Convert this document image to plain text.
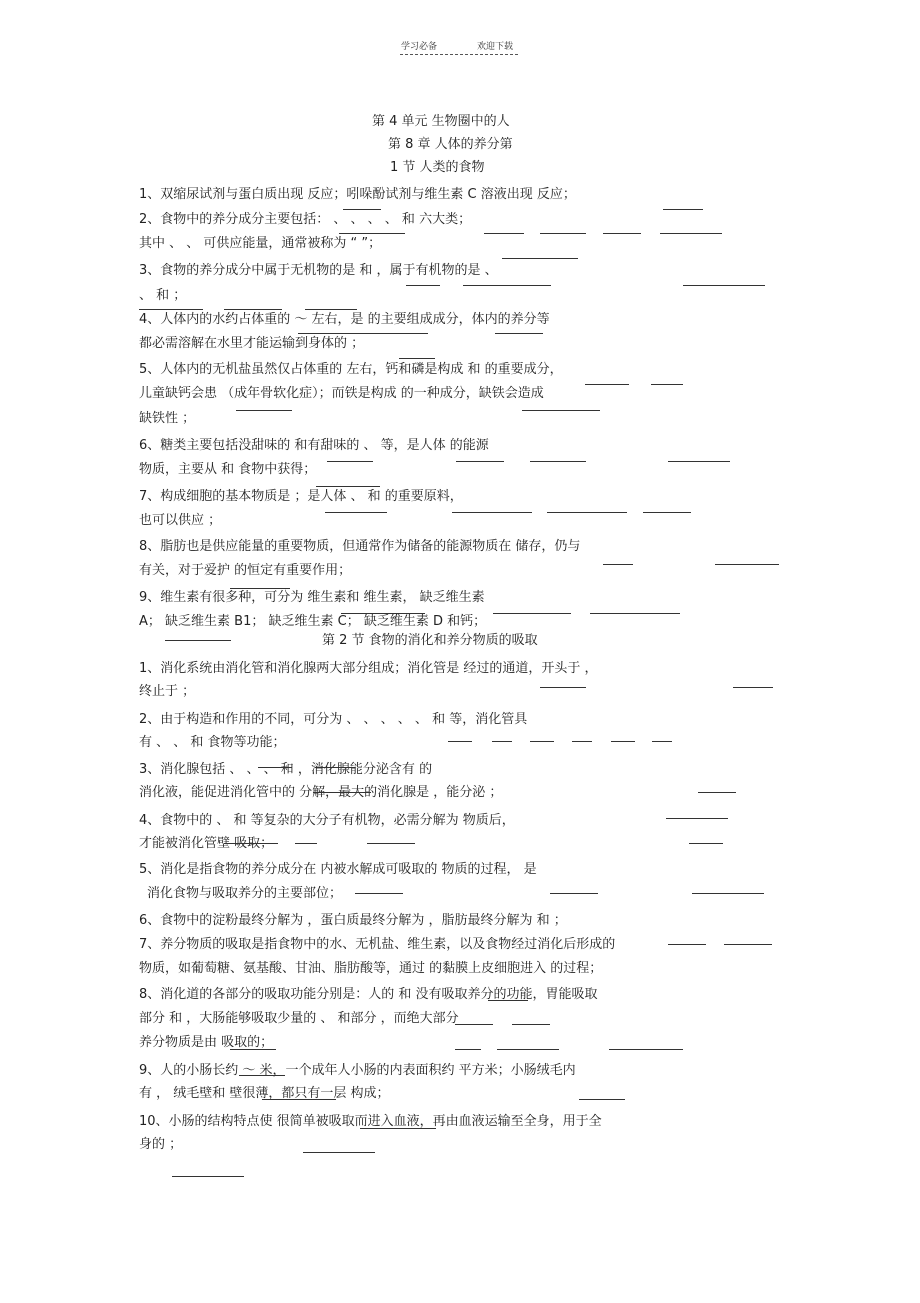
学习必备	欢迎下载
第 4 单元 生物圈中的人
第 8 章 人体的养分第
1 节 人类的食物
1、双缩尿试剂与蛋白质出现 反应；吲哚酚试剂与维生素 C 溶液出现 反应；
2、食物中的养分成分主要包括： 、 、 、 、 和 六大类；
其中 、 、 可供应能量，通常被称为 “ ”；
3、食物的养分成分中属于无机物的是 和 ，属于有机物的是 、
、 和 ；
4、人体内的水约占体重的 ～ 左右，是 的主要组成成分，体内的养分等
都必需溶解在水里才能运输到身体的 ；
5、人体内的无机盐虽然仅占体重的 左右，钙和磷是构成 和 的重要成分，
儿童缺钙会患 （成年骨软化症）；而铁是构成 的一种成分，缺铁会造成
缺铁性 ；
6、糖类主要包括没甜味的 和有甜味的 、 等，是人体 的能源
物质，主要从 和 食物中获得；
7、构成细胞的基本物质是 ；是人体 、 和 的重要原料，
也可以供应 ；
8、脂肪也是供应能量的重要物质，但通常作为储备的能源物质在 储存，仍与
有关，对于爱护 的恒定有重要作用；
9、维生素有很多种，可分为 维生素和 维生素， 缺乏维生素
A； 缺乏维生素 B1； 缺乏维生素 C； 缺乏维生素 D 和钙；
第 2 节 食物的消化和养分物质的吸取
1、消化系统由消化管和消化腺两大部分组成；消化管是 经过的通道，开头于 ，
终止于 ；
2、由于构造和作用的不同，可分为 、 、 、 、 、 和 等，消化管具
有 、 、 和 食物等功能；
3、消化腺包括 、 、 、 和 ，消化腺能分泌含有 的
消化液，能促进消化管中的 分解，最大的消化腺是 ，能分泌 ；
4、食物中的 、 和 等复杂的大分子有机物，必需分解为 物质后，
才能被消化管壁 吸取；
5、消化是指食物的养分成分在 内被水解成可吸取的 物质的过程， 是
消化食物与吸取养分的主要部位；
6、食物中的淀粉最终分解为 ，蛋白质最终分解为 ，脂肪最终分解为 和 ；
7、养分物质的吸取是指食物中的水、无机盐、维生素，以及食物经过消化后形成的
物质，如葡萄糖、氨基酸、甘油、脂肪酸等，通过 的黏膜上皮细胞进入 的过程；
8、消化道的各部分的吸取功能分别是：人的 和 没有吸取养分的功能，胃能吸取
部分 和 ，大肠能够吸取少量的 、 和部分 ，而绝大部分
养分物质是由 吸取的；
9、人的小肠长约 ～ 米，一个成年人小肠的内表面积约 平方米；小肠绒毛内
有 ， 绒毛壁和 壁很薄，都只有一层 构成；
10、小肠的结构特点使 很简单被吸取而进入血液，再由血液运输至全身，用于全
身的 ；
